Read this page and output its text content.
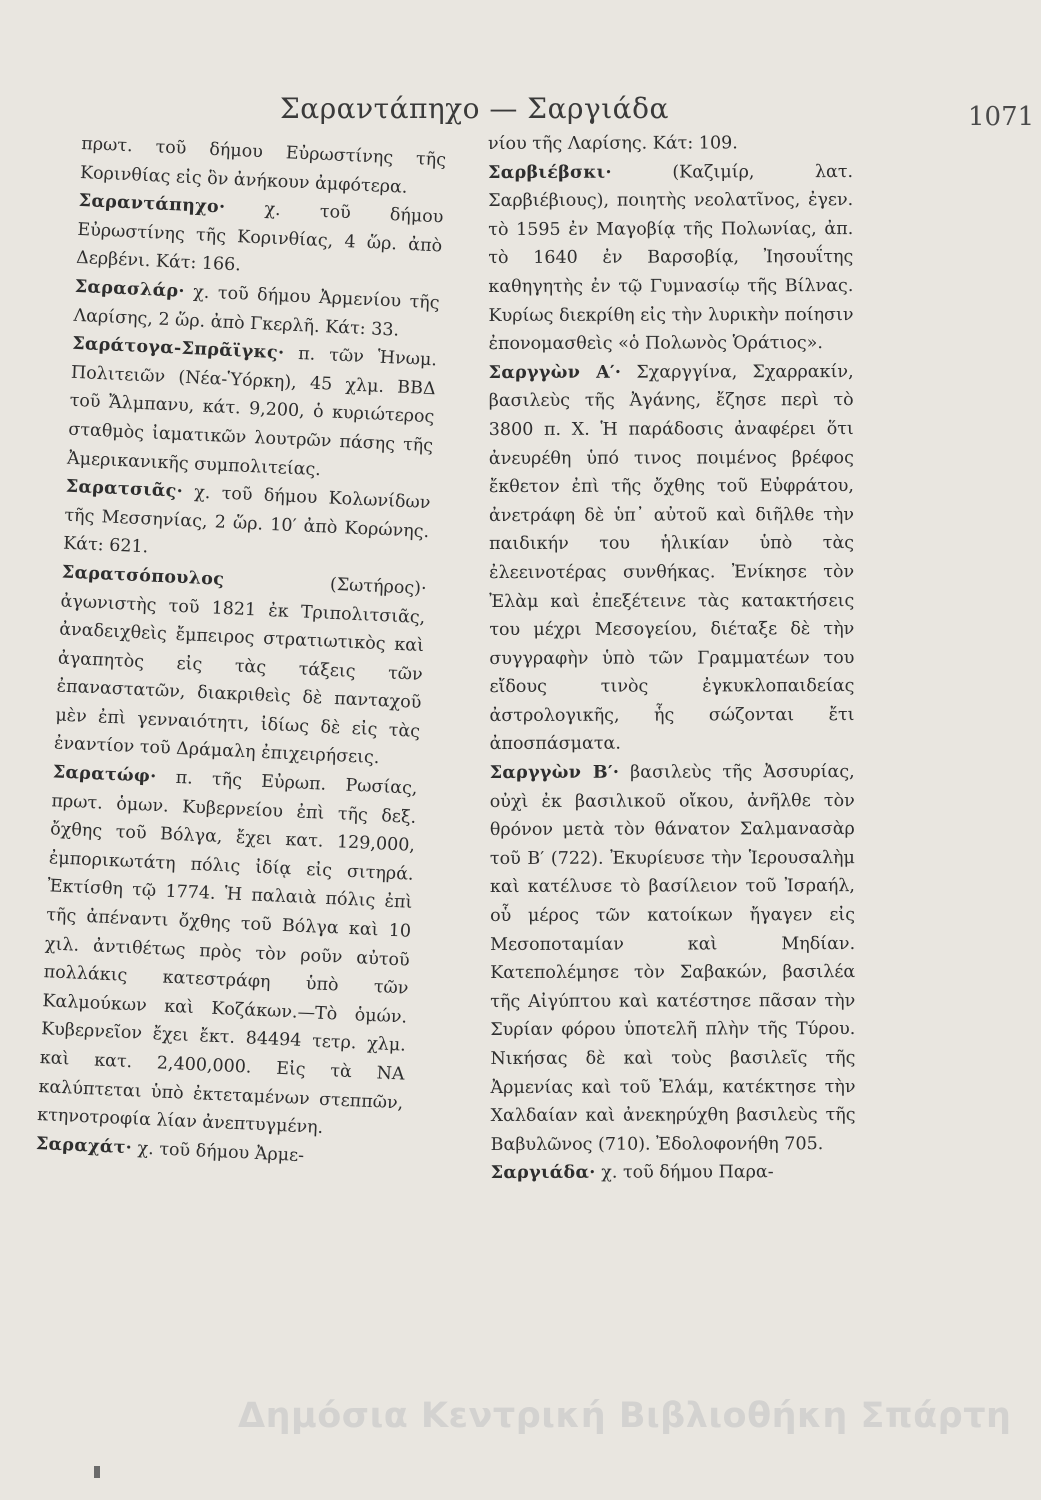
Σαραντάπηχο — Σαργιάδα	1071

πρωτ. τοῦ δήμου Εὐρωστίνης τῆς Κορινθίας εἰς ὃν ἀνήκουν ἀμφότερα.

Σαραντάπηχο· χ. τοῦ δήμου Εὐρωστίνης τῆς Κορινθίας, 4 ὥρ. ἀπὸ Δερβένι. Κάτ: 166.

Σαρασλάρ· χ. τοῦ δήμου Ἀρμενίου τῆς Λαρίσης, 2 ὥρ. ἀπὸ Γκερλῆ. Κάτ: 33.

Σαράτογα-Σπρᾶϊγκς· π. τῶν Ἡνωμ. Πολιτειῶν (Νέα-Ὑόρκη), 45 χλμ. ΒΒΔ τοῦ Ἄλμπανυ, κάτ. 9,200, ὁ κυριώτερος σταθμὸς ἰαματικῶν λουτρῶν πάσης τῆς Ἀμερικανικῆς συμπολιτείας.

Σαρατσιᾶς· χ. τοῦ δήμου Κολωνίδων τῆς Μεσσηνίας, 2 ὥρ. 10′ ἀπὸ Κορώνης. Κάτ: 621.

Σαρατσόπουλος	(Σωτήρος)· ἀγωνιστὴς τοῦ 1821 ἐκ Τριπολιτσιᾶς, ἀναδειχθεὶς ἔμπειρος στρατιωτικὸς καὶ ἀγαπητὸς εἰς τὰς τάξεις τῶν ἐπαναστατῶν, διακριθεὶς δὲ πανταχοῦ μὲν ἐπὶ γενναιότητι, ἰδίως δὲ εἰς τὰς ἐναντίον τοῦ Δράμαλη ἐπιχειρήσεις.

Σαρατώφ· π. τῆς Εὐρωπ. Ρωσίας, πρωτ. ὁμων. Κυβερνείου ἐπὶ τῆς δεξ. ὄχθης τοῦ Βόλγα, ἔχει κατ. 129,000, ἐμπορικωτάτη πόλις ἰδίᾳ εἰς σιτηρά. Ἐκτίσθη τῷ 1774. Ἡ παλαιὰ πόλις ἐπὶ τῆς ἀπέναντι ὄχθης τοῦ Βόλγα καὶ 10 χιλ. ἀντιθέτως πρὸς τὸν ροῦν αὐτοῦ πολλάκις κατεστράφη ὑπὸ τῶν Καλμούκων καὶ Κοζάκων.—Τὸ ὁμών. Κυβερνεῖον ἔχει ἔκτ. 84494 τετρ. χλμ. καὶ κατ. 2,400,000. Εἰς τὰ ΝΑ καλύπτεται ὑπὸ ἐκτεταμένων στεππῶν, κτηνοτροφία λίαν ἀνεπτυγμένη.

Σαραχάτ· χ. τοῦ δήμου Ἀρμε-

νίου τῆς Λαρίσης. Κάτ: 109.

Σαρβιέβσκι·	(Καζιμίρ, λατ. Σαρβιέβιους), ποιητὴς νεολατῖνος, ἐγεν. τὸ 1595 ἐν Μαγοβίᾳ τῆς Πολωνίας, ἀπ. τὸ 1640 ἐν Βαρσοβίᾳ, Ἰησουΐτης καθηγητὴς ἐν τῷ Γυμνασίῳ τῆς Βίλνας. Κυρίως διεκρίθη εἰς τὴν λυρικὴν ποίησιν ἐπονομασθεὶς «ὁ Πολωνὸς Ὁράτιος».

Σαργγὼν Α′· Σχαργγίνα, Σχαρρακίν, βασιλεὺς τῆς Ἀγάνης, ἔζησε περὶ τὸ 3800 π. Χ. Ἡ παράδοσις ἀναφέρει ὅτι ἀνευρέθη ὑπό τινος ποιμένος βρέφος ἔκθετον ἐπὶ τῆς ὄχθης τοῦ Εὐφράτου, ἀνετράφη δὲ ὑπ᾽ αὐτοῦ καὶ διῆλθε τὴν παιδικήν του ἡλικίαν ὑπὸ τὰς ἐλεεινοτέρας συνθήκας. Ἐνίκησε τὸν Ἐλὰμ καὶ ἐπεξέτεινε τὰς κατακτήσεις του μέχρι Μεσογείου, διέταξε δὲ τὴν συγγραφὴν ὑπὸ τῶν Γραμματέων του εἴδους τινὸς ἐγκυκλοπαιδείας ἀστρολογικῆς, ἧς σώζονται ἔτι ἀποσπάσματα.

Σαργγὼν Β′· βασιλεὺς τῆς Ἀσσυρίας, οὐχὶ ἐκ βασιλικοῦ οἴκου, ἀνῆλθε τὸν θρόνον μετὰ τὸν θάνατον Σαλμανασὰρ τοῦ Β′ (722). Ἐκυρίευσε τὴν Ἱερουσαλὴμ καὶ κατέλυσε τὸ βασίλειον τοῦ Ἰσραήλ, οὗ μέρος τῶν κατοίκων ἤγαγεν εἰς Μεσοποταμίαν καὶ Μηδίαν. Κατεπολέμησε τὸν Σαβακών, βασιλέα τῆς Αἰγύπτου καὶ κατέστησε πᾶσαν τὴν Συρίαν φόρου ὑποτελῆ πλὴν τῆς Τύρου. Νικήσας δὲ καὶ τοὺς βασιλεῖς τῆς Ἀρμενίας καὶ τοῦ Ἐλάμ, κατέκτησε τὴν Χαλδαίαν καὶ ἀνεκηρύχθη βασιλεὺς τῆς Βαβυλῶνος (710). Ἐδολοφονήθη 705.

Σαργιάδα· χ. τοῦ δήμου Παρα-

Δημόσια Κεντρική Βιβλιοθήκη Σπάρτη
